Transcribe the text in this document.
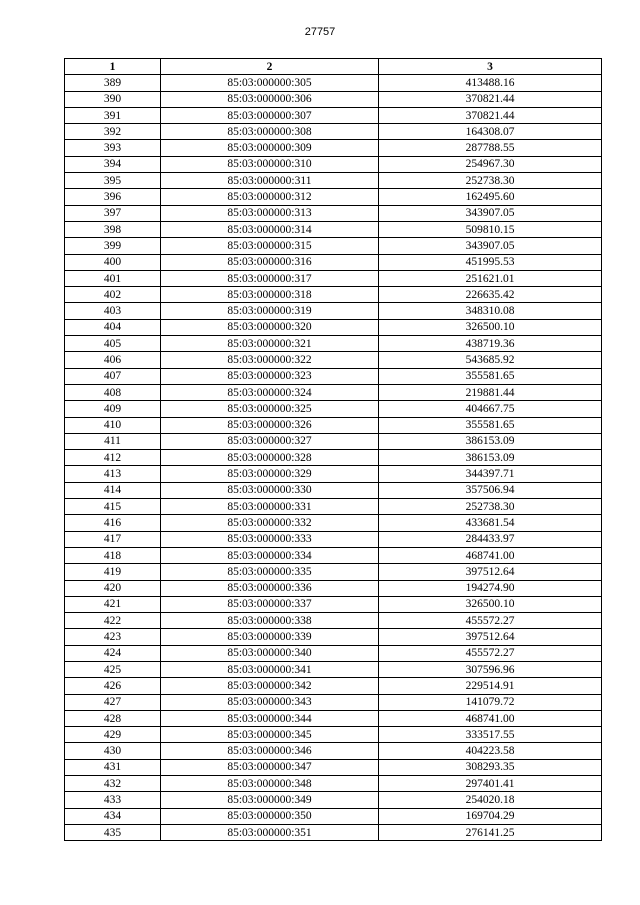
27757
1	2	3
389	85:03:000000:305	413488.16
390	85:03:000000:306	370821.44
391	85:03:000000:307	370821.44
392	85:03:000000:308	164308.07
393	85:03:000000:309	287788.55
394	85:03:000000:310	254967.30
395	85:03:000000:311	252738.30
396	85:03:000000:312	162495.60
397	85:03:000000:313	343907.05
398	85:03:000000:314	509810.15
399	85:03:000000:315	343907.05
400	85:03:000000:316	451995.53
401	85:03:000000:317	251621.01
402	85:03:000000:318	226635.42
403	85:03:000000:319	348310.08
404	85:03:000000:320	326500.10
405	85:03:000000:321	438719.36
406	85:03:000000:322	543685.92
407	85:03:000000:323	355581.65
408	85:03:000000:324	219881.44
409	85:03:000000:325	404667.75
410	85:03:000000:326	355581.65
411	85:03:000000:327	386153.09
412	85:03:000000:328	386153.09
413	85:03:000000:329	344397.71
414	85:03:000000:330	357506.94
415	85:03:000000:331	252738.30
416	85:03:000000:332	433681.54
417	85:03:000000:333	284433.97
418	85:03:000000:334	468741.00
419	85:03:000000:335	397512.64
420	85:03:000000:336	194274.90
421	85:03:000000:337	326500.10
422	85:03:000000:338	455572.27
423	85:03:000000:339	397512.64
424	85:03:000000:340	455572.27
425	85:03:000000:341	307596.96
426	85:03:000000:342	229514.91
427	85:03:000000:343	141079.72
428	85:03:000000:344	468741.00
429	85:03:000000:345	333517.55
430	85:03:000000:346	404223.58
431	85:03:000000:347	308293.35
432	85:03:000000:348	297401.41
433	85:03:000000:349	254020.18
434	85:03:000000:350	169704.29
435	85:03:000000:351	276141.25
